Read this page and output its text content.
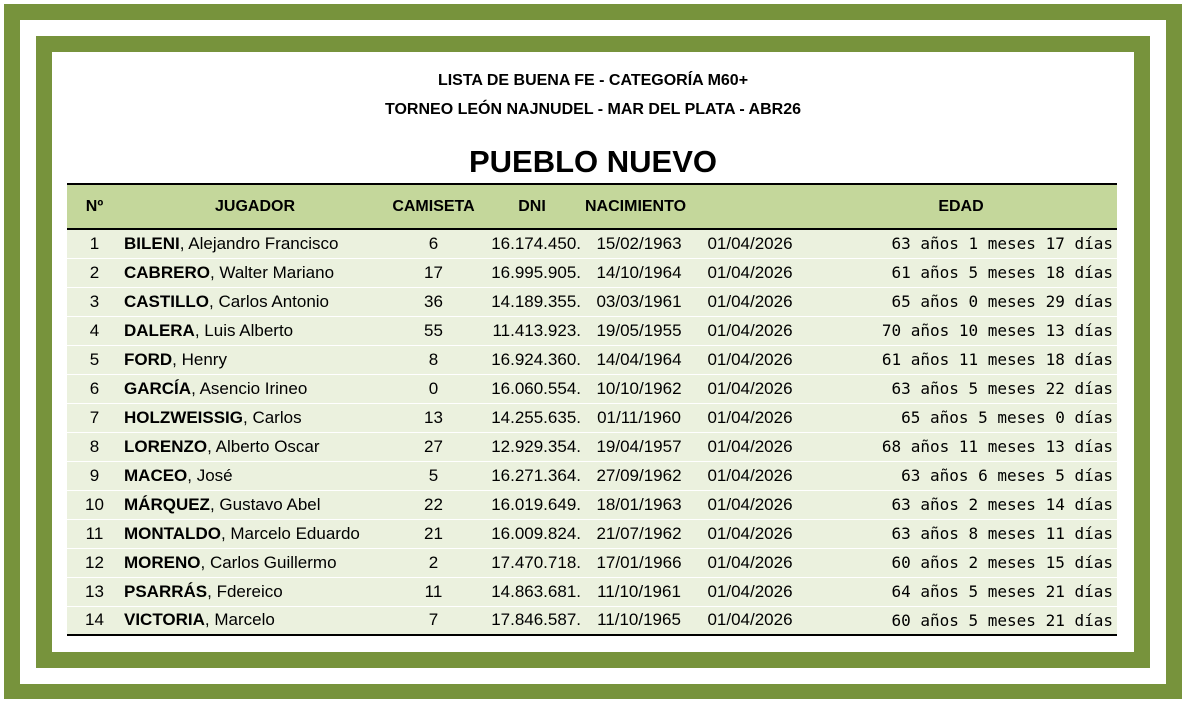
LISTA DE BUENA FE - CATEGORÍA M60+
TORNEO LEÓN NAJNUDEL - MAR DEL PLATA - ABR26
PUEBLO NUEVO
Nº	JUGADOR	CAMISETA	DNI	NACIMIENTO		EDAD
1	BILENI, Alejandro Francisco	6	16.174.450.	15/02/1963	01/04/2026	63 años 1 meses 17 días
2	CABRERO, Walter Mariano	17	16.995.905.	14/10/1964	01/04/2026	61 años 5 meses 18 días
3	CASTILLO, Carlos Antonio	36	14.189.355.	03/03/1961	01/04/2026	65 años 0 meses 29 días
4	DALERA, Luis Alberto	55	11.413.923.	19/05/1955	01/04/2026	70 años 10 meses 13 días
5	FORD, Henry	8	16.924.360.	14/04/1964	01/04/2026	61 años 11 meses 18 días
6	GARCÍA, Asencio Irineo	0	16.060.554.	10/10/1962	01/04/2026	63 años 5 meses 22 días
7	HOLZWEISSIG, Carlos	13	14.255.635.	01/11/1960	01/04/2026	65 años 5 meses 0 días
8	LORENZO, Alberto Oscar	27	12.929.354.	19/04/1957	01/04/2026	68 años 11 meses 13 días
9	MACEO, José	5	16.271.364.	27/09/1962	01/04/2026	63 años 6 meses 5 días
10	MÁRQUEZ, Gustavo Abel	22	16.019.649.	18/01/1963	01/04/2026	63 años 2 meses 14 días
11	MONTALDO, Marcelo Eduardo	21	16.009.824.	21/07/1962	01/04/2026	63 años 8 meses 11 días
12	MORENO, Carlos Guillermo	2	17.470.718.	17/01/1966	01/04/2026	60 años 2 meses 15 días
13	PSARRÁS, Fdereico	11	14.863.681.	11/10/1961	01/04/2026	64 años 5 meses 21 días
14	VICTORIA, Marcelo	7	17.846.587.	11/10/1965	01/04/2026	60 años 5 meses 21 días
